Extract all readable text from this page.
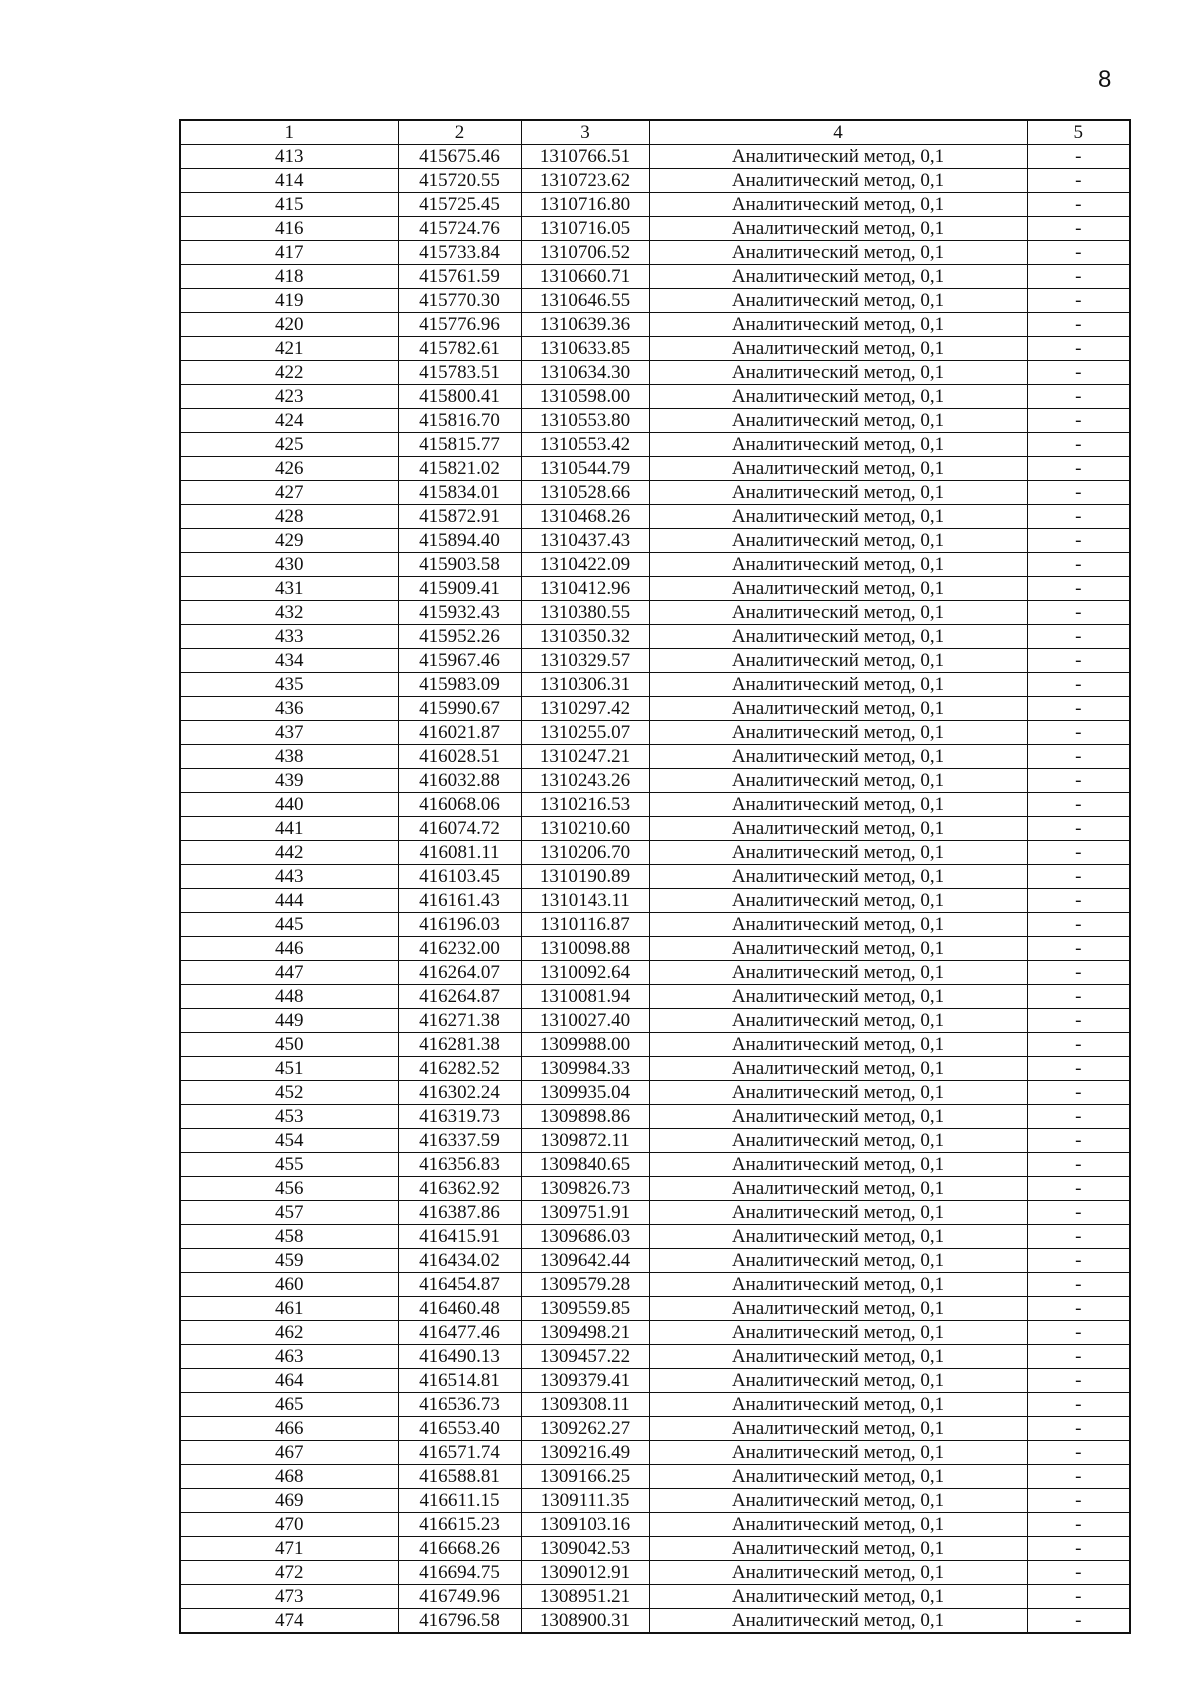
8
1	2	3	4	5
413	415675.46	1310766.51	Аналитический метод, 0,1	-
414	415720.55	1310723.62	Аналитический метод, 0,1	-
415	415725.45	1310716.80	Аналитический метод, 0,1	-
416	415724.76	1310716.05	Аналитический метод, 0,1	-
417	415733.84	1310706.52	Аналитический метод, 0,1	-
418	415761.59	1310660.71	Аналитический метод, 0,1	-
419	415770.30	1310646.55	Аналитический метод, 0,1	-
420	415776.96	1310639.36	Аналитический метод, 0,1	-
421	415782.61	1310633.85	Аналитический метод, 0,1	-
422	415783.51	1310634.30	Аналитический метод, 0,1	-
423	415800.41	1310598.00	Аналитический метод, 0,1	-
424	415816.70	1310553.80	Аналитический метод, 0,1	-
425	415815.77	1310553.42	Аналитический метод, 0,1	-
426	415821.02	1310544.79	Аналитический метод, 0,1	-
427	415834.01	1310528.66	Аналитический метод, 0,1	-
428	415872.91	1310468.26	Аналитический метод, 0,1	-
429	415894.40	1310437.43	Аналитический метод, 0,1	-
430	415903.58	1310422.09	Аналитический метод, 0,1	-
431	415909.41	1310412.96	Аналитический метод, 0,1	-
432	415932.43	1310380.55	Аналитический метод, 0,1	-
433	415952.26	1310350.32	Аналитический метод, 0,1	-
434	415967.46	1310329.57	Аналитический метод, 0,1	-
435	415983.09	1310306.31	Аналитический метод, 0,1	-
436	415990.67	1310297.42	Аналитический метод, 0,1	-
437	416021.87	1310255.07	Аналитический метод, 0,1	-
438	416028.51	1310247.21	Аналитический метод, 0,1	-
439	416032.88	1310243.26	Аналитический метод, 0,1	-
440	416068.06	1310216.53	Аналитический метод, 0,1	-
441	416074.72	1310210.60	Аналитический метод, 0,1	-
442	416081.11	1310206.70	Аналитический метод, 0,1	-
443	416103.45	1310190.89	Аналитический метод, 0,1	-
444	416161.43	1310143.11	Аналитический метод, 0,1	-
445	416196.03	1310116.87	Аналитический метод, 0,1	-
446	416232.00	1310098.88	Аналитический метод, 0,1	-
447	416264.07	1310092.64	Аналитический метод, 0,1	-
448	416264.87	1310081.94	Аналитический метод, 0,1	-
449	416271.38	1310027.40	Аналитический метод, 0,1	-
450	416281.38	1309988.00	Аналитический метод, 0,1	-
451	416282.52	1309984.33	Аналитический метод, 0,1	-
452	416302.24	1309935.04	Аналитический метод, 0,1	-
453	416319.73	1309898.86	Аналитический метод, 0,1	-
454	416337.59	1309872.11	Аналитический метод, 0,1	-
455	416356.83	1309840.65	Аналитический метод, 0,1	-
456	416362.92	1309826.73	Аналитический метод, 0,1	-
457	416387.86	1309751.91	Аналитический метод, 0,1	-
458	416415.91	1309686.03	Аналитический метод, 0,1	-
459	416434.02	1309642.44	Аналитический метод, 0,1	-
460	416454.87	1309579.28	Аналитический метод, 0,1	-
461	416460.48	1309559.85	Аналитический метод, 0,1	-
462	416477.46	1309498.21	Аналитический метод, 0,1	-
463	416490.13	1309457.22	Аналитический метод, 0,1	-
464	416514.81	1309379.41	Аналитический метод, 0,1	-
465	416536.73	1309308.11	Аналитический метод, 0,1	-
466	416553.40	1309262.27	Аналитический метод, 0,1	-
467	416571.74	1309216.49	Аналитический метод, 0,1	-
468	416588.81	1309166.25	Аналитический метод, 0,1	-
469	416611.15	1309111.35	Аналитический метод, 0,1	-
470	416615.23	1309103.16	Аналитический метод, 0,1	-
471	416668.26	1309042.53	Аналитический метод, 0,1	-
472	416694.75	1309012.91	Аналитический метод, 0,1	-
473	416749.96	1308951.21	Аналитический метод, 0,1	-
474	416796.58	1308900.31	Аналитический метод, 0,1	-
